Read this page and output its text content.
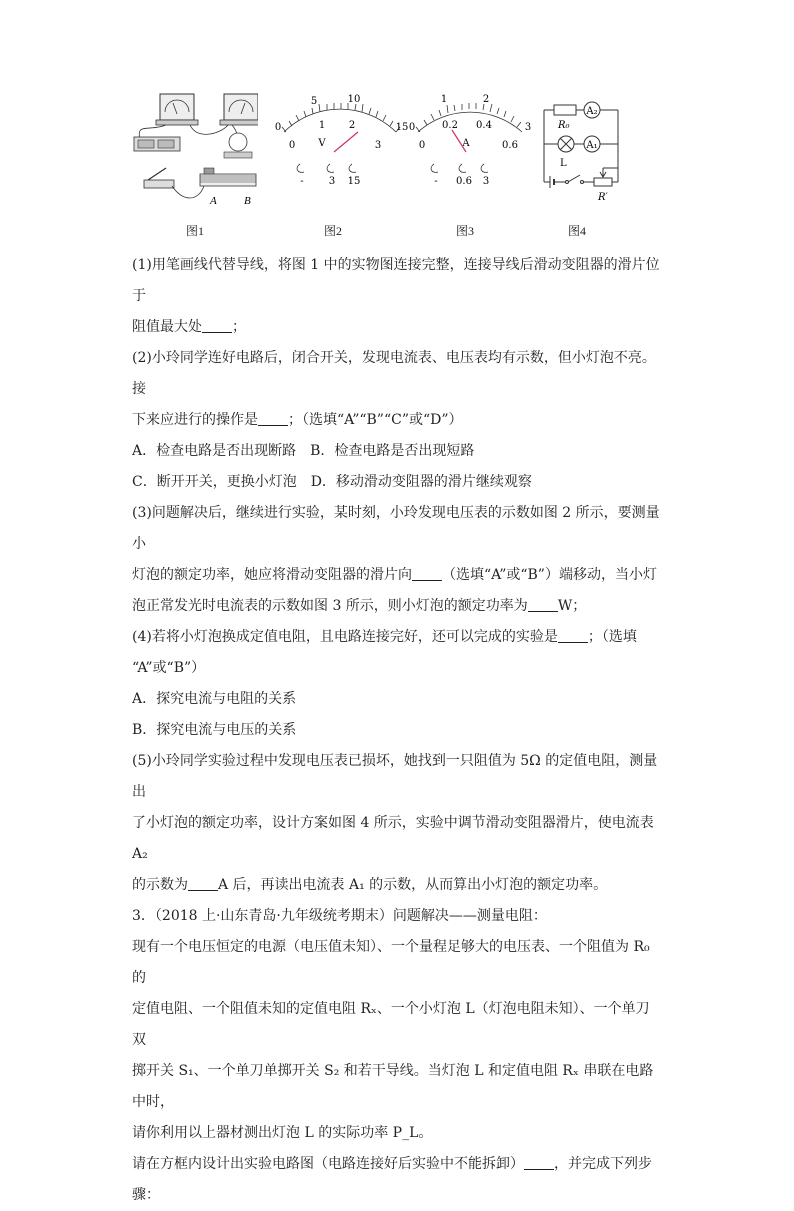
A B
图1
5	10
0	15
1 2
0	3
V
-	3 15
图2
1	2
0	3
0.2 0.4
0	0.6
A
- 0.6 3
图3
A₂
A₁
R₀
L
R′
图4

(1)用笔画线代替导线，将图 1 中的实物图连接完整，连接导线后滑动变阻器的滑片位于

阻值最大处 ；

(2)小玲同学连好电路后，闭合开关，发现电流表、电压表均有示数，但小灯泡不亮。接

下来应进行的操作是 ；（选填“A”“B”“C”或“D”）

A．检查电路是否出现断路　B．检查电路是否出现短路

C．断开开关，更换小灯泡　D．移动滑动变阻器的滑片继续观察

(3)问题解决后，继续进行实验，某时刻，小玲发现电压表的示数如图 2 所示，要测量小

灯泡的额定功率，她应将滑动变阻器的滑片向 （选填“A”或“B”）端移动，当小灯

泡正常发光时电流表的示数如图 3 所示，则小灯泡的额定功率为 W；

(4)若将小灯泡换成定值电阻，且电路连接完好，还可以完成的实验是 ；（选填

“A”或“B”）

A．探究电流与电阻的关系

B．探究电流与电压的关系

(5)小玲同学实验过程中发现电压表已损坏，她找到一只阻值为 5Ω 的定值电阻，测量出

了小灯泡的额定功率，设计方案如图 4 所示，实验中调节滑动变阻器滑片，使电流表 A₂

的示数为 A 后，再读出电流表 A₁ 的示数，从而算出小灯泡的额定功率。

3．（2018 上·山东青岛·九年级统考期末）问题解决——测量电阻：

现有一个电压恒定的电源（电压值未知）、一个量程足够大的电压表、一个阻值为 R₀ 的

定值电阻、一个阻值未知的定值电阻 Rₓ、一个小灯泡 L（灯泡电阻未知）、一个单刀双

掷开关 S₁、一个单刀单掷开关 S₂ 和若干导线。当灯泡 L 和定值电阻 Rₓ 串联在电路中时，

请你利用以上器材测出灯泡 L 的实际功率 P_L。

请在方框内设计出实验电路图（电路连接好后实验中不能拆卸） ，并完成下列步

骤：
